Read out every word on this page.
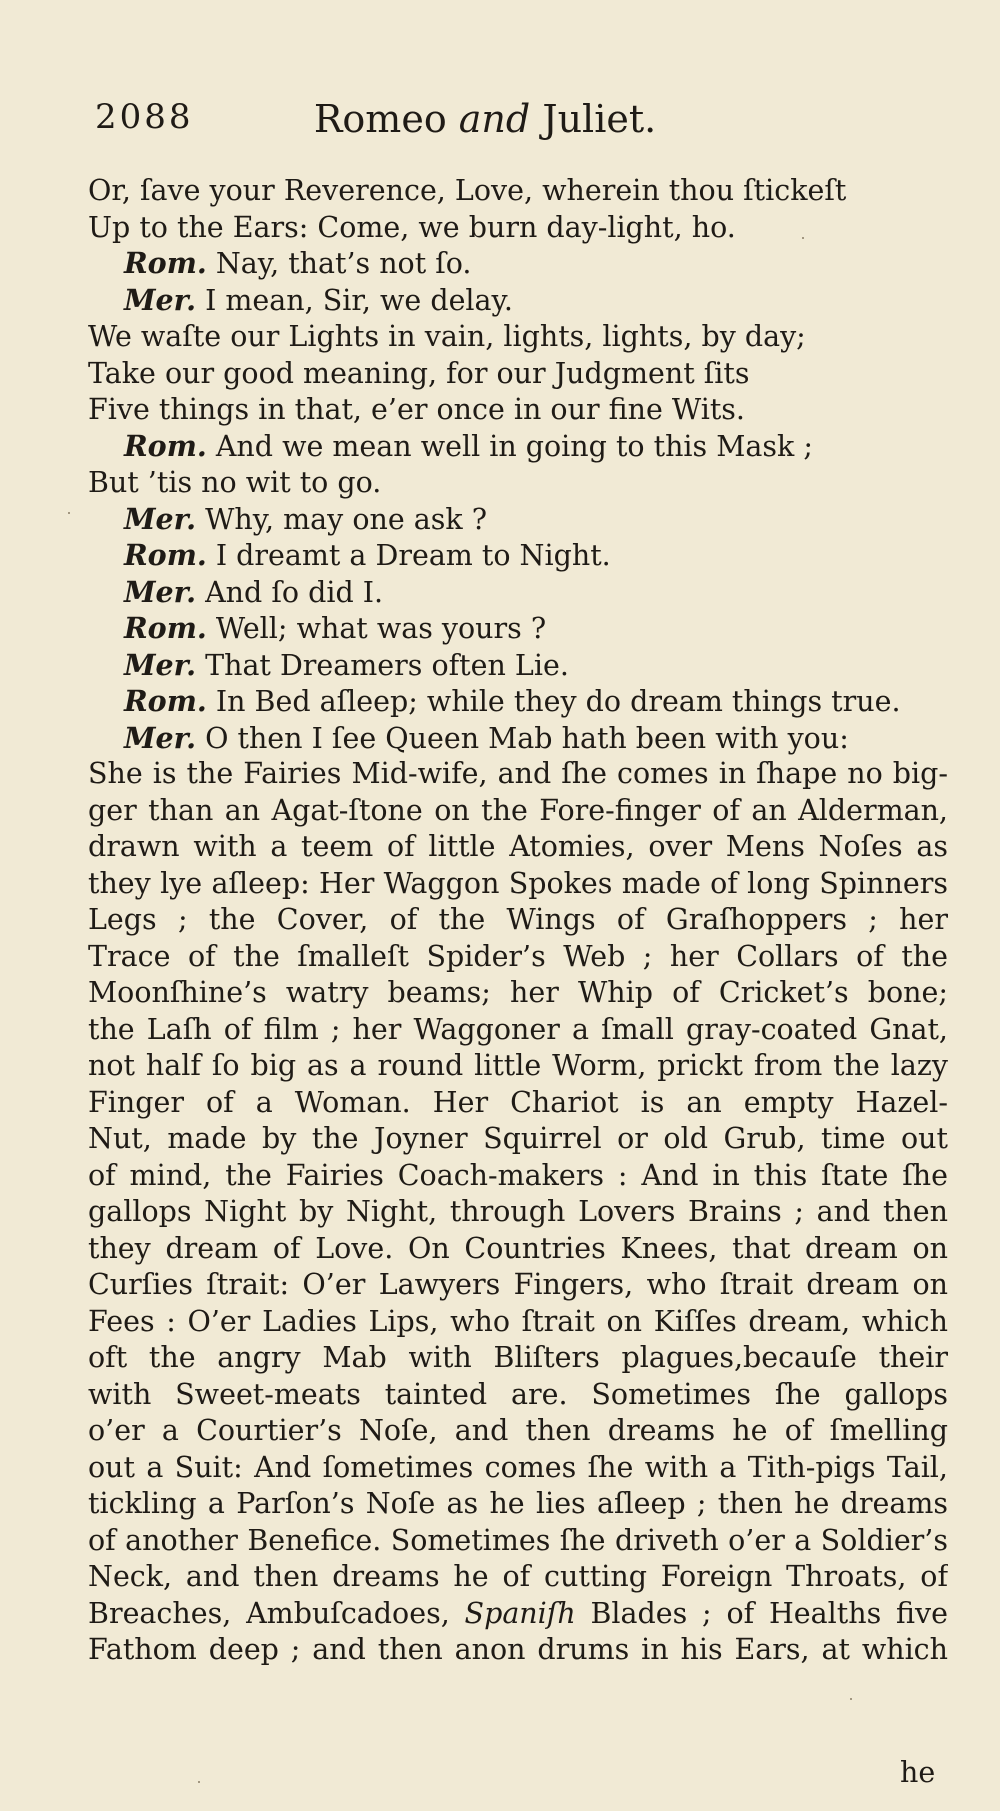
2088	Romeo and Juliet.
Or, ſave your Reverence, Love, wherein thou ſtickeſt
Up to the Ears: Come, we burn day-light, ho.
Rom. Nay, that’s not ſo.
Mer. I mean, Sir, we delay.
We waſte our Lights in vain, lights, lights, by day;
Take our good meaning, for our Judgment ſits
Five things in that, e’er once in our fine Wits.
Rom. And we mean well in going to this Mask ;
But ’tis no wit to go.
Mer. Why, may one ask ?
Rom. I dreamt a Dream to Night.
Mer. And ſo did I.
Rom. Well; what was yours ?
Mer. That Dreamers often Lie.
Rom. In Bed aſleep; while they do dream things true.
Mer. O then I ſee Queen Mab hath been with you:
She is the Fairies Mid-wife, and ſhe comes in ſhape no big-
ger than an Agat-ſtone on the Fore-finger of an Alderman,
drawn with a teem of little Atomies, over Mens Noſes as
they lye aſleep: Her Waggon Spokes made of long Spinners
Legs ; the Cover, of the Wings of Graſhoppers ; her
Trace of the ſmalleſt Spider’s Web ; her Collars of the
Moonſhine’s watry beams; her Whip of Cricket’s bone;
the Laſh of film ; her Waggoner a ſmall gray-coated Gnat,
not half ſo big as a round little Worm, prickt from the lazy
Finger of a Woman. Her Chariot is an empty Hazel-
Nut, made by the Joyner Squirrel or old Grub, time out
of mind, the Fairies Coach-makers : And in this ſtate ſhe
gallops Night by Night, through Lovers Brains ; and then
they dream of Love. On Countries Knees, that dream on
Curſies ſtrait: O’er Lawyers Fingers, who ſtrait dream on
Fees : O’er Ladies Lips, who ſtrait on Kiſſes dream, which
oft the angry Mab with Bliſters plagues,becauſe their
with Sweet-meats tainted are. Sometimes ſhe gallops
o’er a Courtier’s Noſe, and then dreams he of ſmelling
out a Suit: And ſometimes comes ſhe with a Tith-pigs Tail,
tickling a Parſon’s Noſe as he lies aſleep ; then he dreams
of another Benefice. Sometimes ſhe driveth o’er a Soldier’s
Neck, and then dreams he of cutting Foreign Throats, of
Breaches, Ambuſcadoes, Spaniſh Blades ; of Healths five
Fathom deep ; and then anon drums in his Ears, at which
he
